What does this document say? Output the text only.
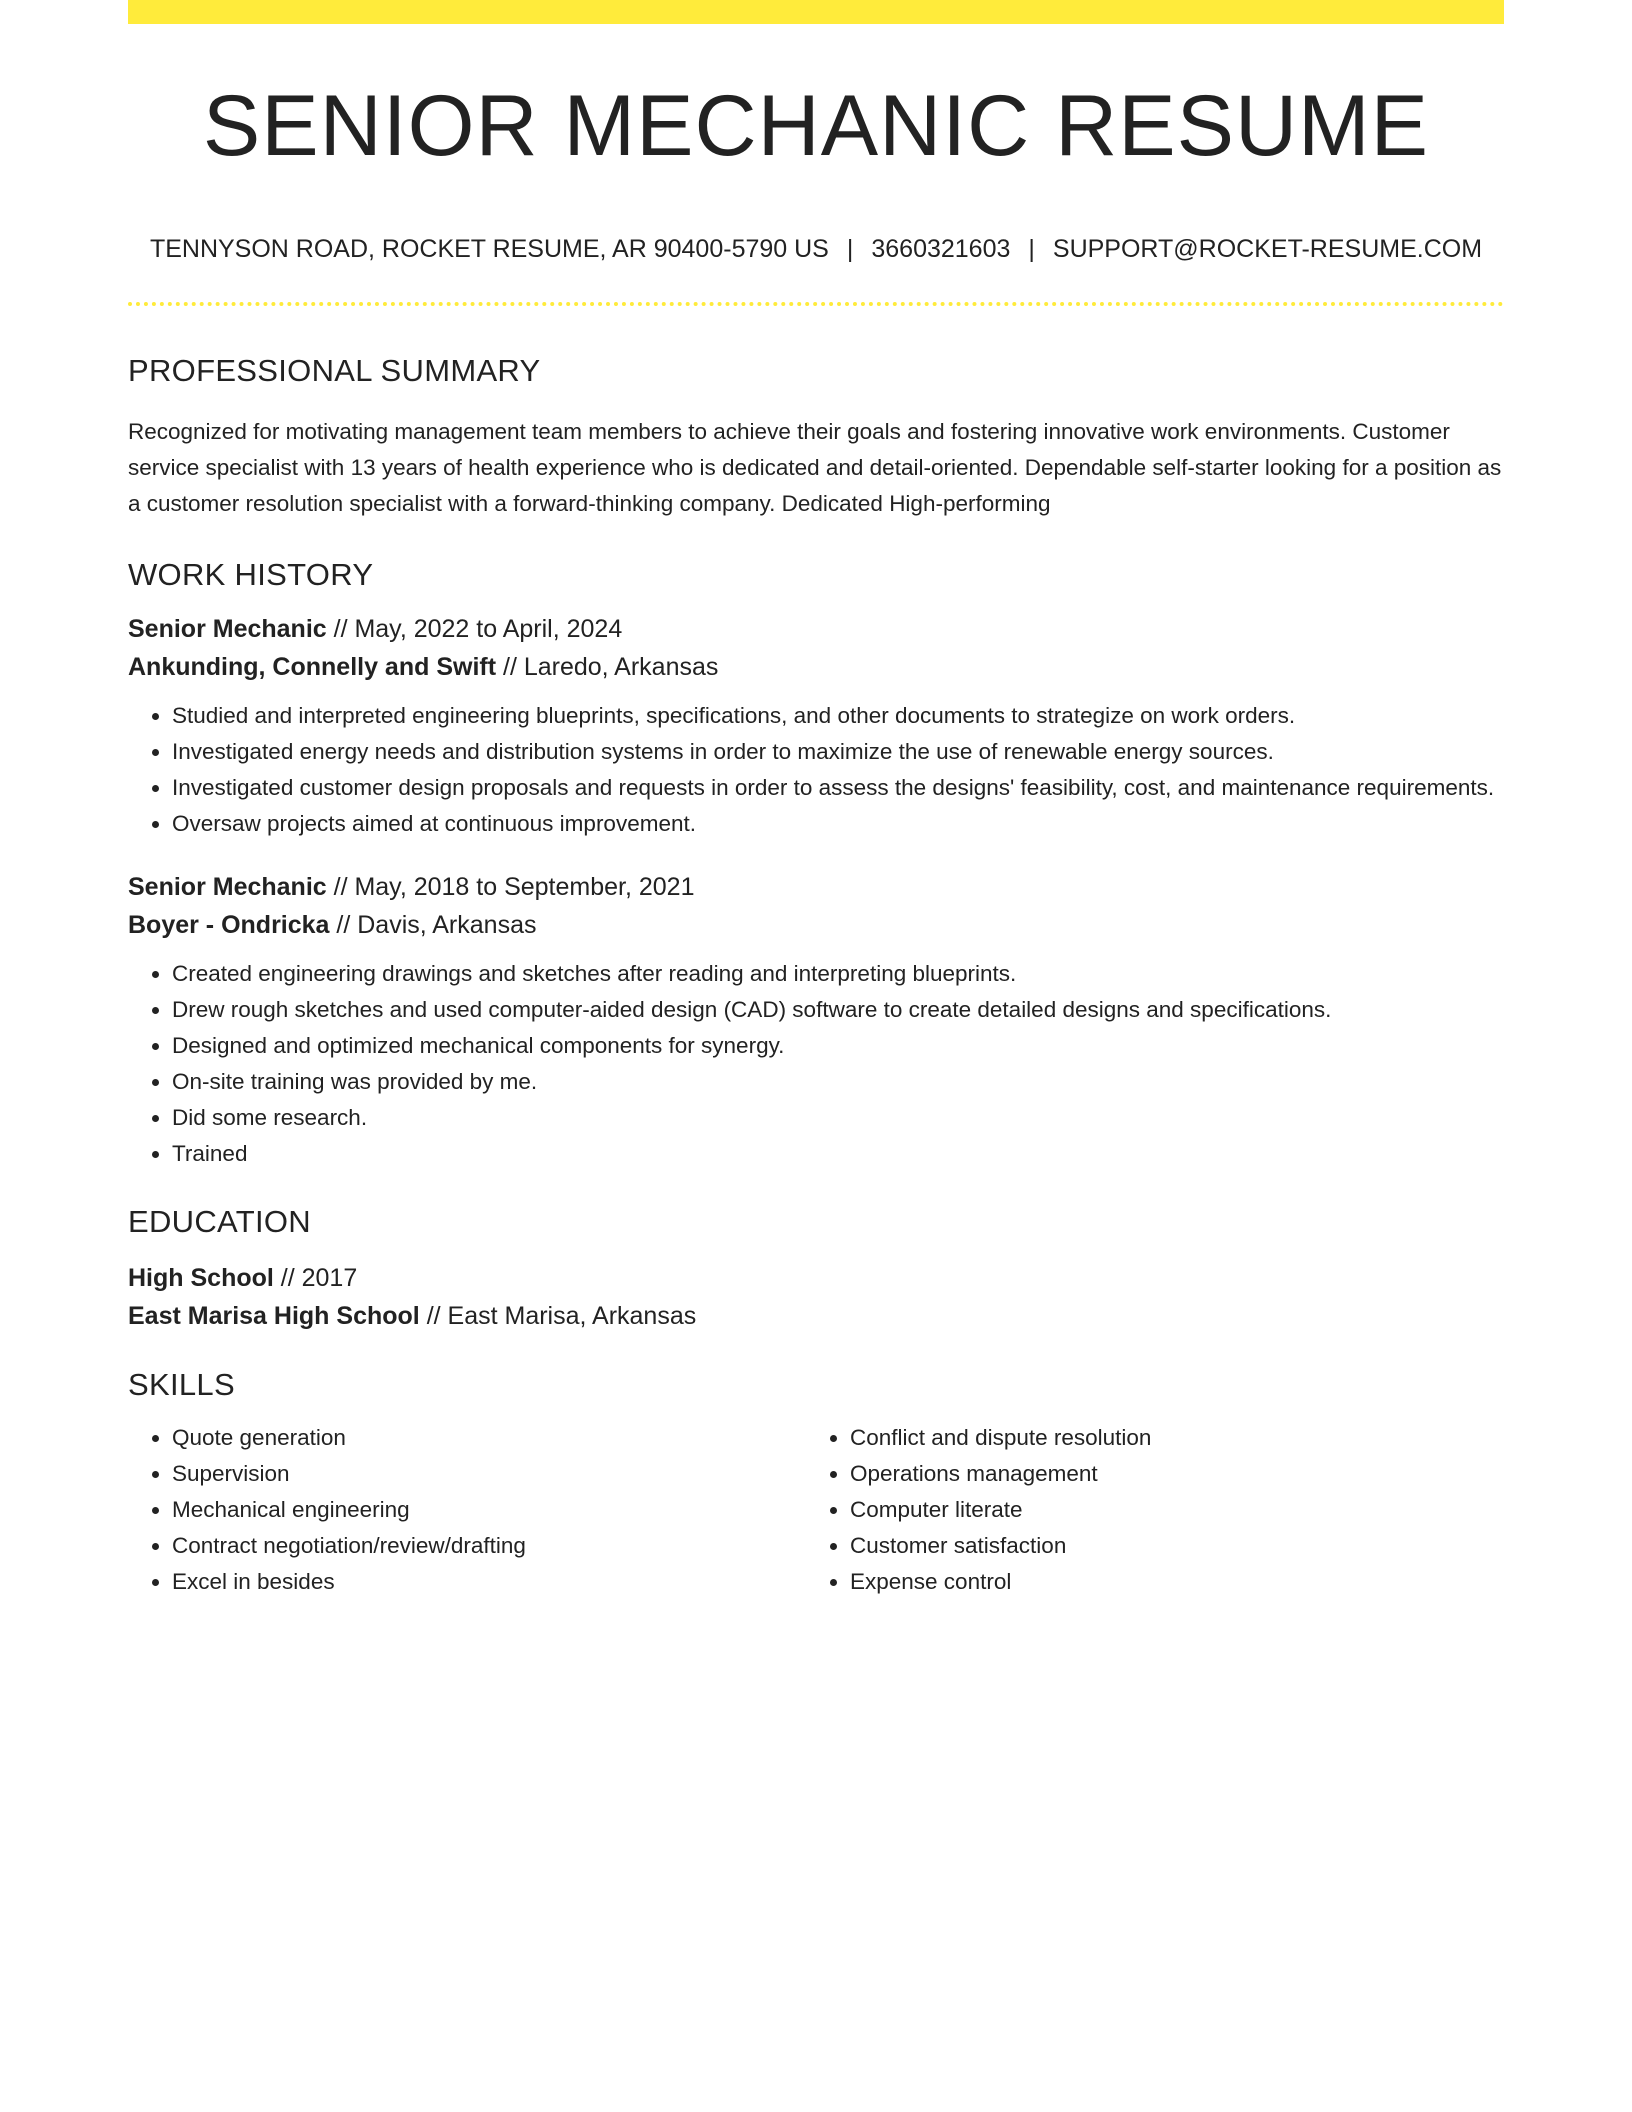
SENIOR MECHANIC RESUME
TENNYSON ROAD, ROCKET RESUME, AR 90400-5790 US | 3660321603 | SUPPORT@ROCKET-RESUME.COM
PROFESSIONAL SUMMARY
Recognized for motivating management team members to achieve their goals and fostering innovative work environments. Customer service specialist with 13 years of health experience who is dedicated and detail-oriented. Dependable self-starter looking for a position as a customer resolution specialist with a forward-thinking company. Dedicated High-performing
WORK HISTORY
Senior Mechanic // May, 2022 to April, 2024
Ankunding, Connelly and Swift // Laredo, Arkansas
• Studied and interpreted engineering blueprints, specifications, and other documents to strategize on work orders.
• Investigated energy needs and distribution systems in order to maximize the use of renewable energy sources.
• Investigated customer design proposals and requests in order to assess the designs' feasibility, cost, and maintenance requirements.
• Oversaw projects aimed at continuous improvement.
Senior Mechanic // May, 2018 to September, 2021
Boyer - Ondricka // Davis, Arkansas
• Created engineering drawings and sketches after reading and interpreting blueprints.
• Drew rough sketches and used computer-aided design (CAD) software to create detailed designs and specifications.
• Designed and optimized mechanical components for synergy.
• On-site training was provided by me.
• Did some research.
• Trained
EDUCATION
High School // 2017
East Marisa High School // East Marisa, Arkansas
SKILLS
• Quote generation
• Supervision
• Mechanical engineering
• Contract negotiation/review/drafting
• Excel in besides
• Conflict and dispute resolution
• Operations management
• Computer literate
• Customer satisfaction
• Expense control
